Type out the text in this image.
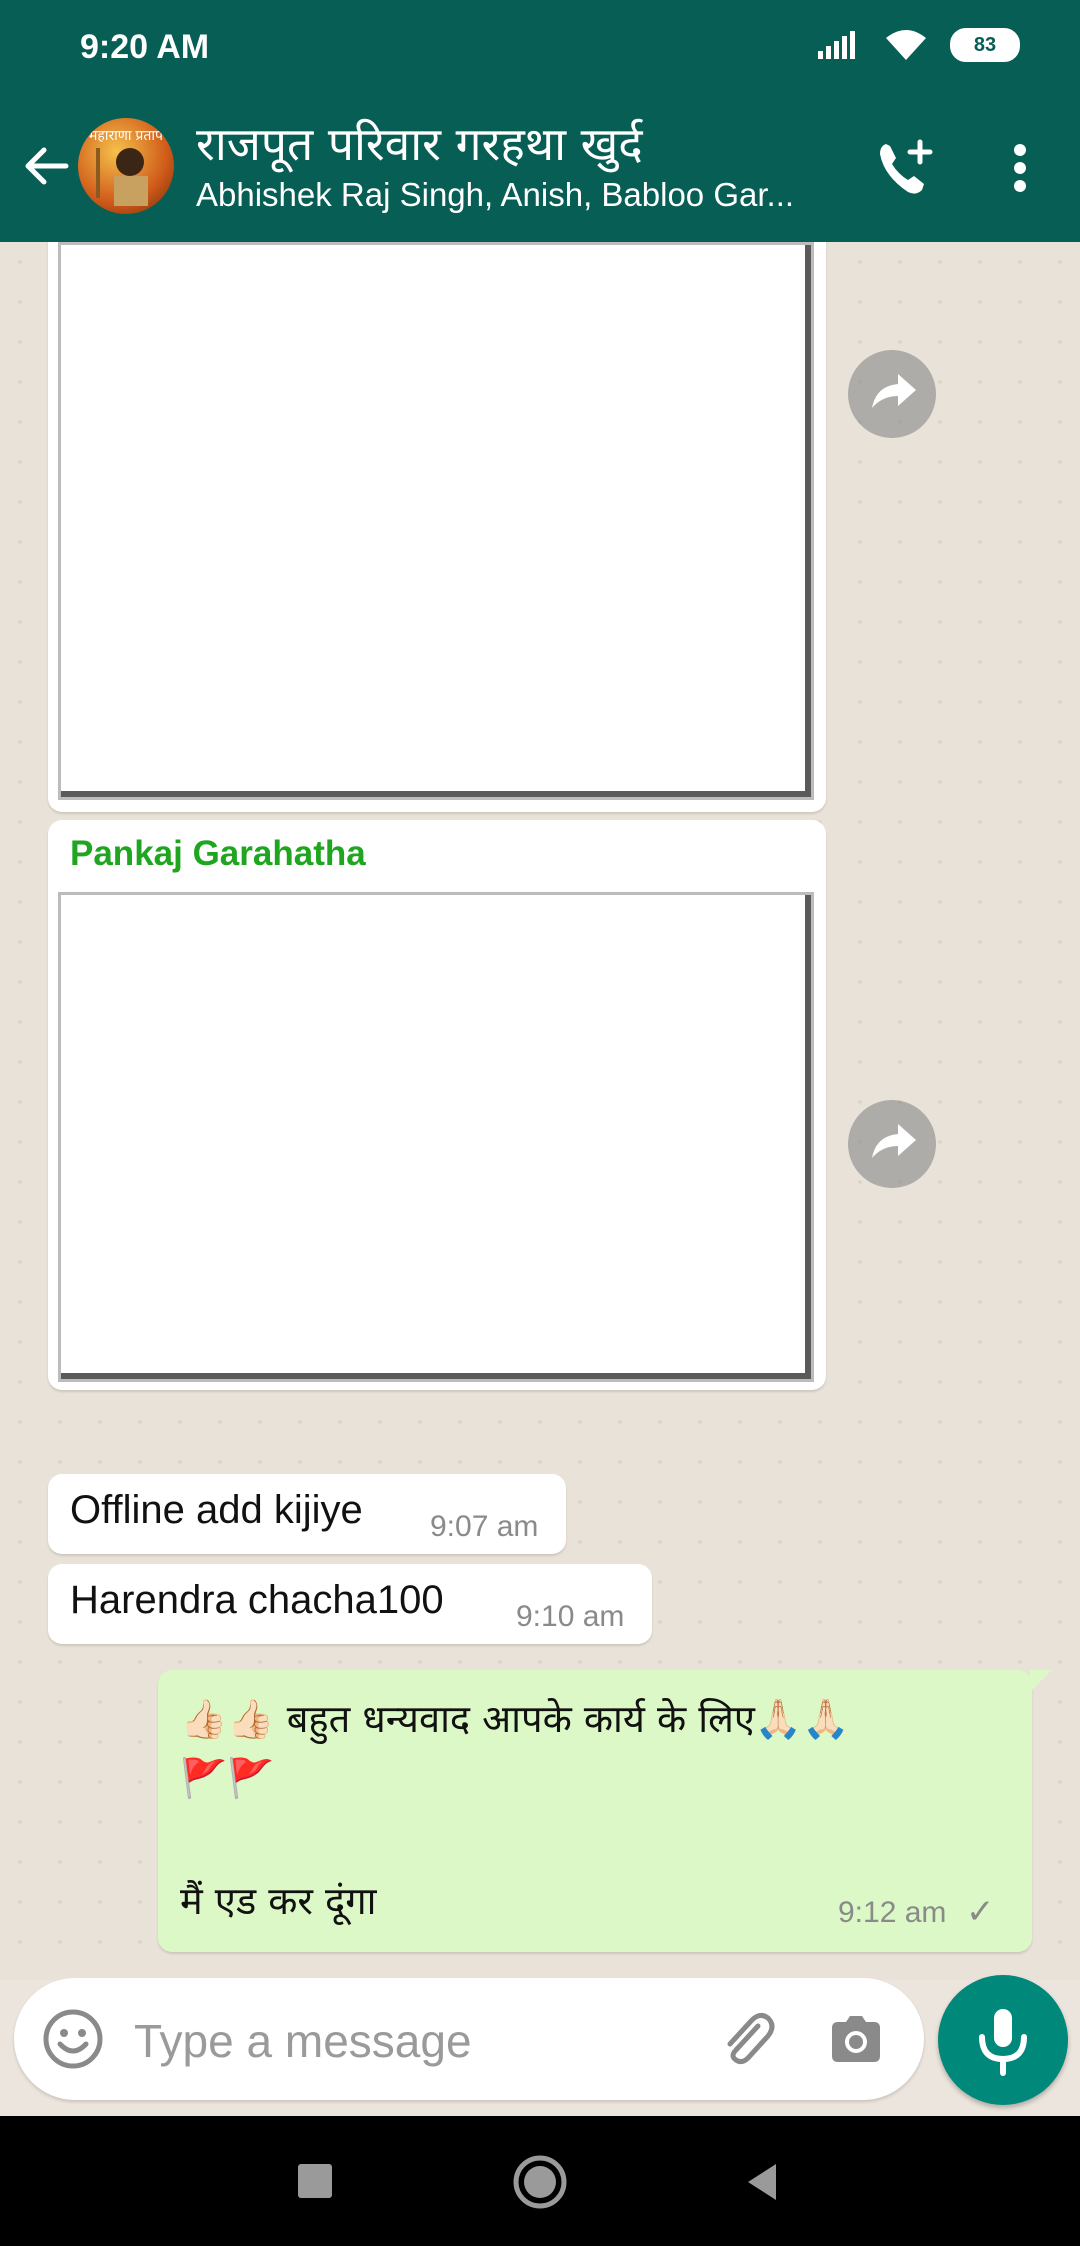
9:20 AM	83
महाराणा प्रताप राजपूत परिवार गरहथा खुर्द
Abhishek Raj Singh, Anish, Babloo Gar...
Pankaj Garahatha
Offline add kijiye 9:07 am
Harendra chacha100 9:10 am
👍🏻👍🏻 बहुत धन्यवाद आपके कार्य के लिए🙏🏻🙏🏻
🚩🚩
मैं एड कर दूंगा	9:12 am ✓
Type a message
